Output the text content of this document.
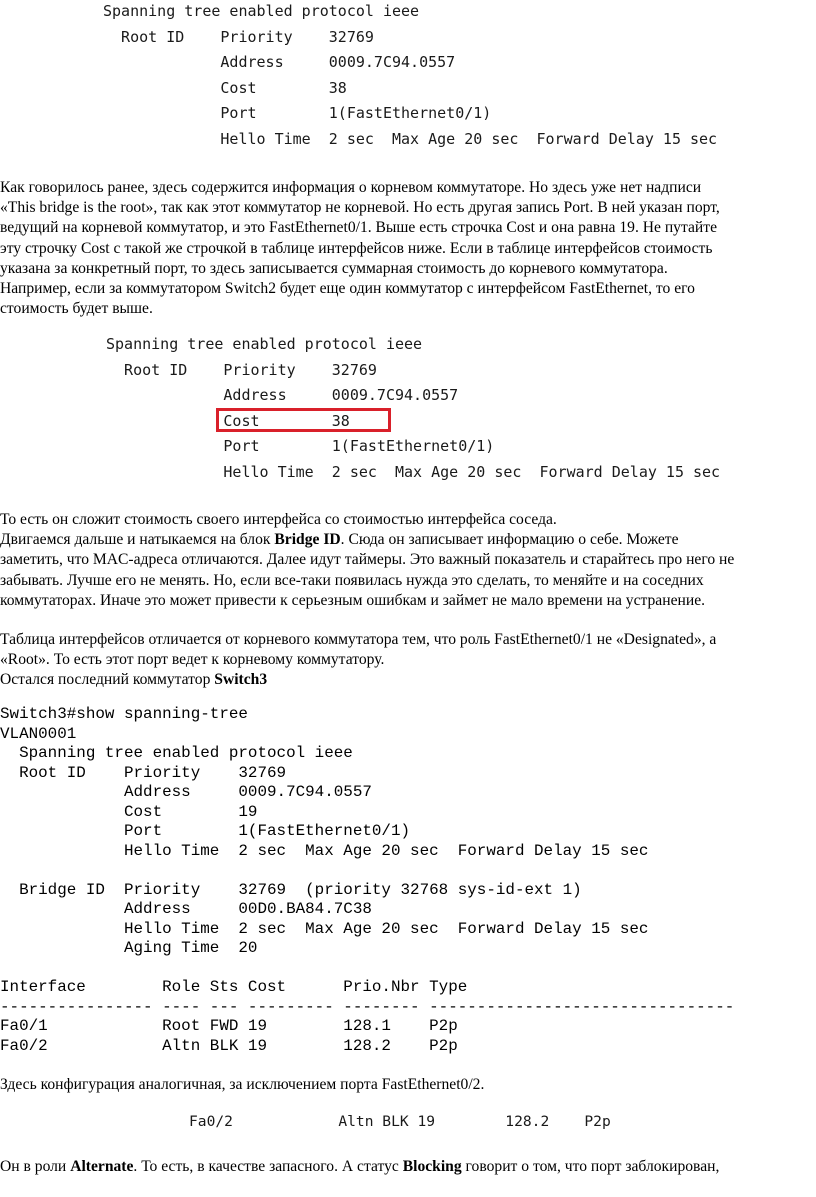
Spanning tree enabled protocol ieee
Root ID    Priority    32769
Address     0009.7C94.0557
Cost        38
Port        1(FastEthernet0/1)
Hello Time  2 sec  Max Age 20 sec  Forward Delay 15 sec

Как говорилось ранее, здесь содержится информация о корневом коммутаторе. Но здесь уже нет надписи
«This bridge is the root», так как этот коммутатор не корневой. Но есть другая запись Port. В ней указан порт,
ведущий на корневой коммутатор, и это FastEthernet0/1. Выше есть строчка Cost и она равна 19. Не путайте
эту строчку Cost с такой же строчкой в таблице интерфейсов ниже. Если в таблице интерфейсов стоимость
указана за конкретный порт, то здесь записывается суммарная стоимость до корневого коммутатора.
Например, если за коммутатором Switch2 будет еще один коммутатор с интерфейсом FastEthernet, то его
стоимость будет выше.

Spanning tree enabled protocol ieee
Root ID    Priority    32769
Address     0009.7C94.0557
Cost        38
Port        1(FastEthernet0/1)
Hello Time  2 sec  Max Age 20 sec  Forward Delay 15 sec

То есть он сложит стоимость своего интерфейса со стоимостью интерфейса соседа.
Двигаемся дальше и натыкаемся на блок Bridge ID. Сюда он записывает информацию о себе. Можете
заметить, что MAC-адреса отличаются. Далее идут таймеры. Это важный показатель и старайтесь про него не
забывать. Лучше его не менять. Но, если все-таки появилась нужда это сделать, то меняйте и на соседних
коммутаторах. Иначе это может привести к серьезным ошибкам и займет не мало времени на устранение.

Таблица интерфейсов отличается от корневого коммутатора тем, что роль FastEthernet0/1 не «Designated», а
«Root». То есть этот порт ведет к корневому коммутатору.
Остался последний коммутатор Switch3

Switch3#show spanning-tree
VLAN0001
Spanning tree enabled protocol ieee
Root ID    Priority    32769
Address     0009.7C94.0557
Cost        19
Port        1(FastEthernet0/1)
Hello Time  2 sec  Max Age 20 sec  Forward Delay 15 sec
Bridge ID  Priority    32769  (priority 32768 sys-id-ext 1)
Address     00D0.BA84.7C38
Hello Time  2 sec  Max Age 20 sec  Forward Delay 15 sec
Aging Time  20
Interface        Role Sts Cost      Prio.Nbr Type
---------------- ---- --- --------- -------- --------------------------------
Fa0/1            Root FWD 19        128.1    P2p
Fa0/2            Altn BLK 19        128.2    P2p

Здесь конфигурация аналогичная, за исключением порта FastEthernet0/2.

Fa0/2            Altn BLK 19        128.2    P2p

Он в роли Alternate. То есть, в качестве запасного. А статус Blocking говорит о том, что порт заблокирован,
